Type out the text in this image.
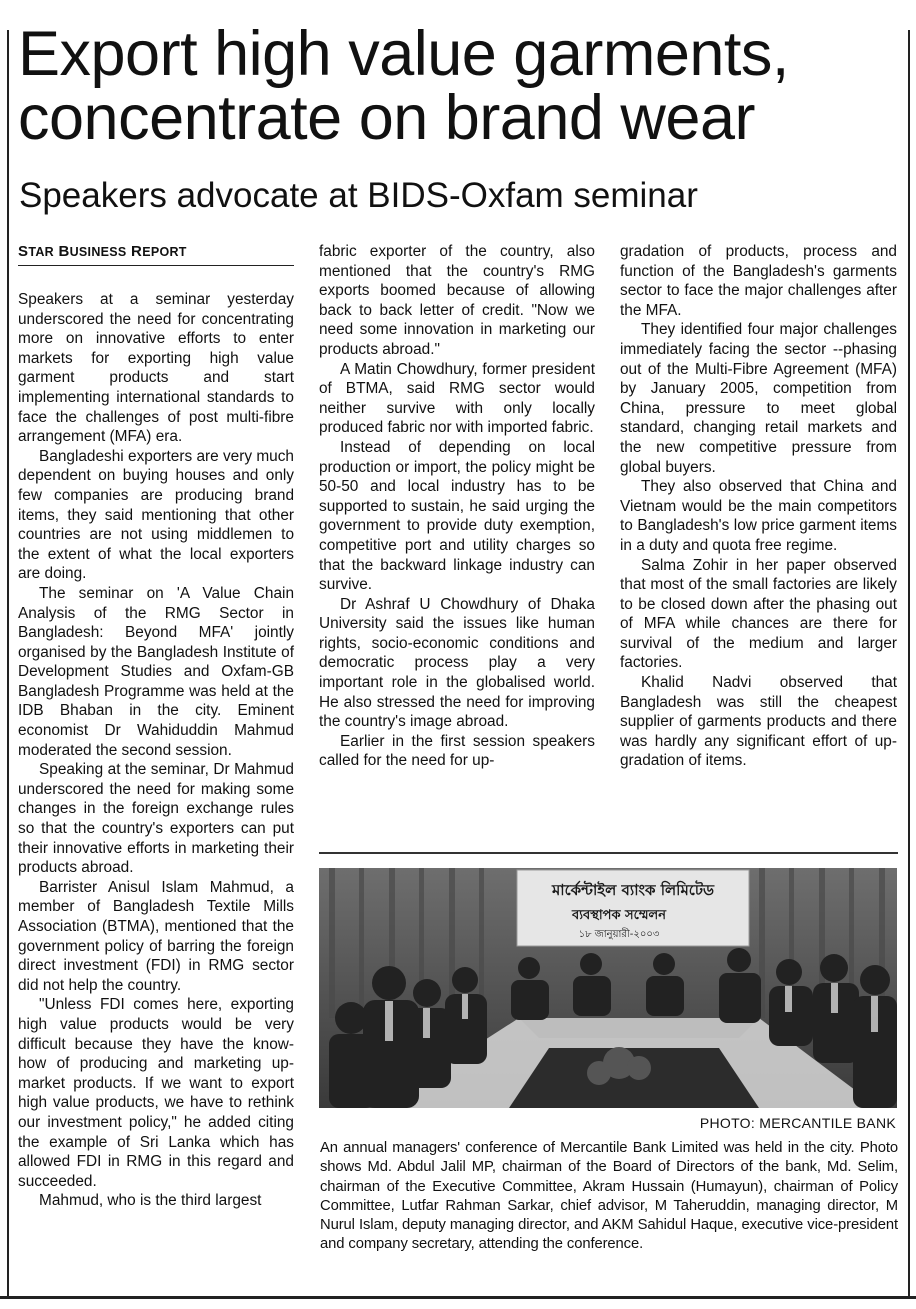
Export high value garments,
concentrate on brand wear
Speakers advocate at BIDS-Oxfam seminar
STAR BUSINESS REPORT

Speakers at a seminar yesterday underscored the need for concentrating more on innovative efforts to enter markets for exporting high value garment products and start implementing international standards to face the challenges of post multi-fibre arrangement (MFA) era.

Bangladeshi exporters are very much dependent on buying houses and only few companies are producing brand items, they said mentioning that other countries are not using middlemen to the extent of what the local exporters are doing.

The seminar on 'A Value Chain Analysis of the RMG Sector in Bangladesh: Beyond MFA' jointly organised by the Bangladesh Institute of Development Studies and Oxfam-GB Bangladesh Programme was held at the IDB Bhaban in the city. Eminent economist Dr Wahiduddin Mahmud moderated the second session.

Speaking at the seminar, Dr Mahmud underscored the need for making some changes in the foreign exchange rules so that the country's exporters can put their innovative efforts in marketing their products abroad.

Barrister Anisul Islam Mahmud, a member of Bangladesh Textile Mills Association (BTMA), mentioned that the government policy of barring the foreign direct investment (FDI) in RMG sector did not help the country.

"Unless FDI comes here, exporting high value products would be very difficult because they have the know-how of producing and marketing up-market products. If we want to export high value products, we have to rethink our investment policy," he added citing the example of Sri Lanka which has allowed FDI in RMG in this regard and succeeded.

Mahmud, who is the third largest

fabric exporter of the country, also mentioned that the country's RMG exports boomed because of allowing back to back letter of credit. "Now we need some innovation in marketing our products abroad."

A Matin Chowdhury, former president of BTMA, said RMG sector would neither survive with only locally produced fabric nor with imported fabric.

Instead of depending on local production or import, the policy might be 50-50 and local industry has to be supported to sustain, he said urging the government to provide duty exemption, competitive port and utility charges so that the backward linkage industry can survive.

Dr Ashraf U Chowdhury of Dhaka University said the issues like human rights, socio-economic conditions and democratic process play a very important role in the globalised world. He also stressed the need for improving the country's image abroad.

Earlier in the first session speakers called for the need for up-

gradation of products, process and function of the Bangladesh's garments sector to face the major challenges after the MFA.

They identified four major challenges immediately facing the sector --phasing out of the Multi-Fibre Agreement (MFA) by January 2005, competition from China, pressure to meet global standard, changing retail markets and the new competitive pressure from global buyers.

They also observed that China and Vietnam would be the main competitors to Bangladesh's low price garment items in a duty and quota free regime.

Salma Zohir in her paper observed that most of the small factories are likely to be closed down after the phasing out of MFA while chances are there for survival of the medium and larger factories.

Khalid Nadvi observed that Bangladesh was still the cheapest supplier of garments products and there was hardly any significant effort of up-gradation of items.

মার্কেন্টাইল ব্যাংক লিমিটেড
ব্যবস্থাপক সম্মেলন
১৮ জানুয়ারী-২০০৩
PHOTO: MERCANTILE BANK
An annual managers' conference of Mercantile Bank Limited was held in the city. Photo shows Md. Abdul Jalil MP, chairman of the Board of Directors of the bank, Md. Selim, chairman of the Executive Committee, Akram Hussain (Humayun), chairman of Policy Committee, Lutfar Rahman Sarkar, chief advisor, M Taheruddin, managing director, M Nurul Islam, deputy managing director, and AKM Sahidul Haque, executive vice-president and company secretary, attending the conference.
